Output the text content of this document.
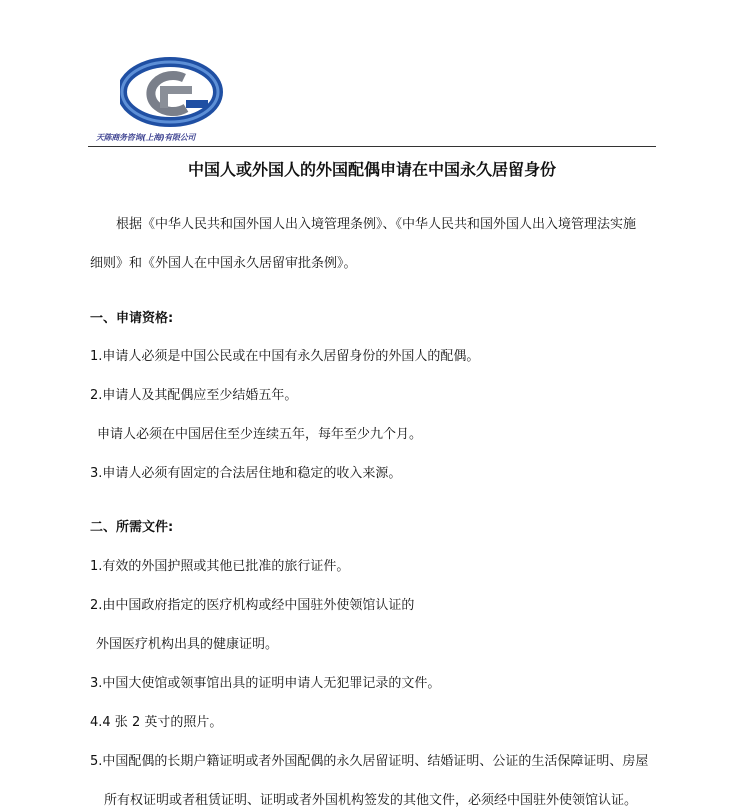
天陈商务咨询(上海)有限公司
中国人或外国人的外国配偶申请在中国永久居留身份
根据《中华人民共和国外国人出入境管理条例》、《中华人民共和国外国人出入境管理法实施
细则》和《外国人在中国永久居留审批条例》。
一、申请资格:
1.申请人必须是中国公民或在中国有永久居留身份的外国人的配偶。
2.申请人及其配偶应至少结婚五年。
申请人必须在中国居住至少连续五年，每年至少九个月。
3.申请人必须有固定的合法居住地和稳定的收入来源。
二、所需文件:
1.有效的外国护照或其他已批准的旅行证件。
2.由中国政府指定的医疗机构或经中国驻外使领馆认证的
外国医疗机构出具的健康证明。
3.中国大使馆或领事馆出具的证明申请人无犯罪记录的文件。
4.4 张 2 英寸的照片。
5.中国配偶的长期户籍证明或者外国配偶的永久居留证明、结婚证明、公证的生活保障证明、房屋
所有权证明或者租赁证明、证明或者外国机构签发的其他文件，必须经中国驻外使领馆认证。
